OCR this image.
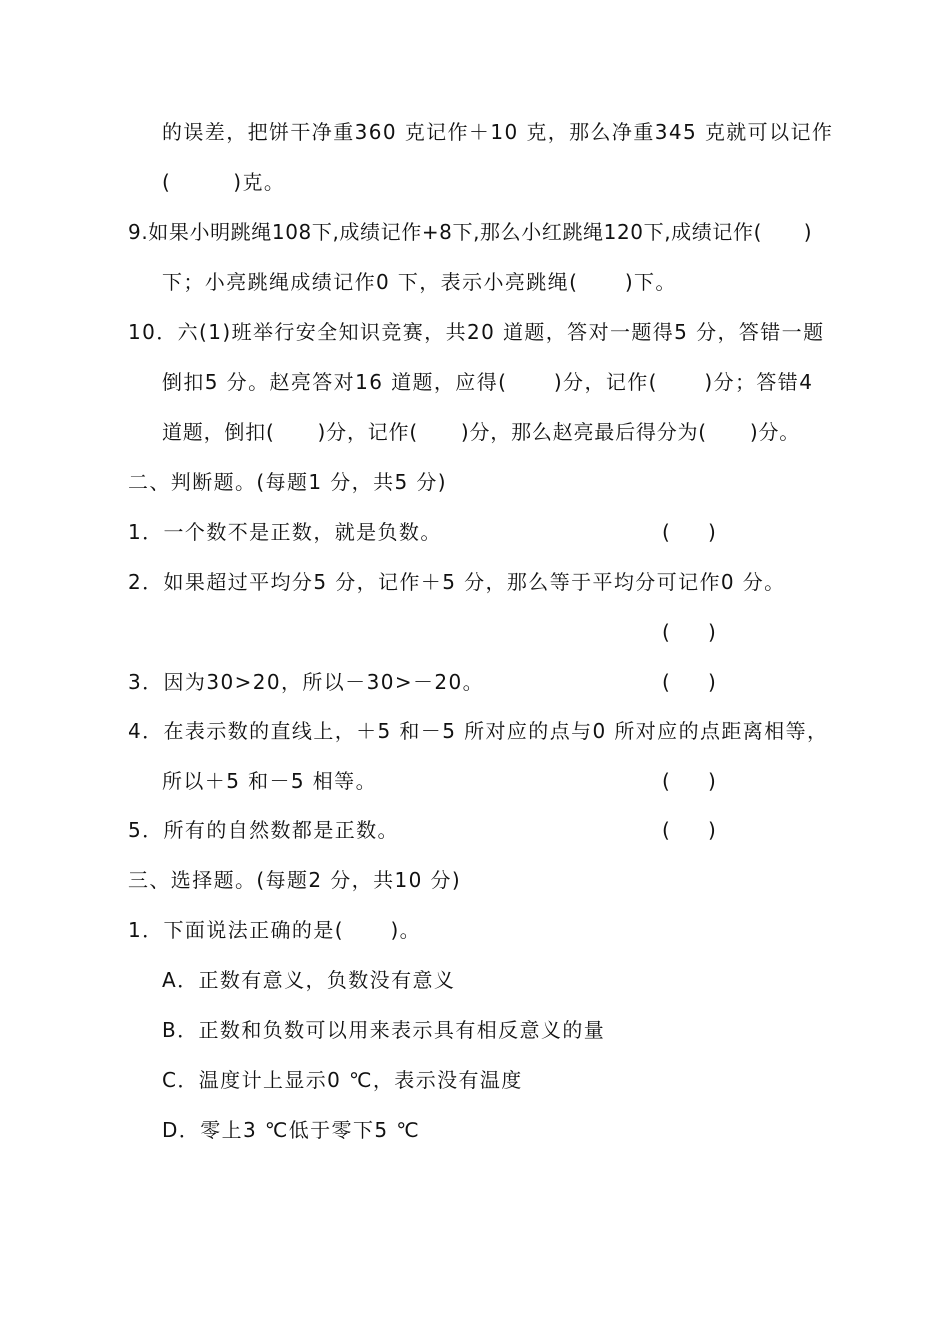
的误差，把饼干净重360 克记作＋10 克，那么净重345 克就可以记作
(        )克。
9.如果小明跳绳108下,成绩记作+8下,那么小红跳绳120下,成绩记作(      )
下；小亮跳绳成绩记作0 下，表示小亮跳绳(      )下。
10．六(1)班举行安全知识竞赛，共20 道题，答对一题得5 分，答错一题
倒扣5 分。赵亮答对16 道题，应得(      )分，记作(      )分；答错4
道题，倒扣(      )分，记作(      )分，那么赵亮最后得分为(      )分。
二、判断题。(每题1 分，共5 分)
1．一个数不是正数，就是负数。	(      )
2．如果超过平均分5 分，记作＋5 分，那么等于平均分可记作0 分。
(      )
3．因为30>20，所以－30>－20。	(      )
4．在表示数的直线上，＋5 和－5 所对应的点与0 所对应的点距离相等，
所以＋5 和－5 相等。	(      )
5．所有的自然数都是正数。	(      )
三、选择题。(每题2 分，共10 分)
1．下面说法正确的是(      )。
A．正数有意义，负数没有意义
B．正数和负数可以用来表示具有相反意义的量
C．温度计上显示0 ℃，表示没有温度
D．零上3 ℃低于零下5 ℃
